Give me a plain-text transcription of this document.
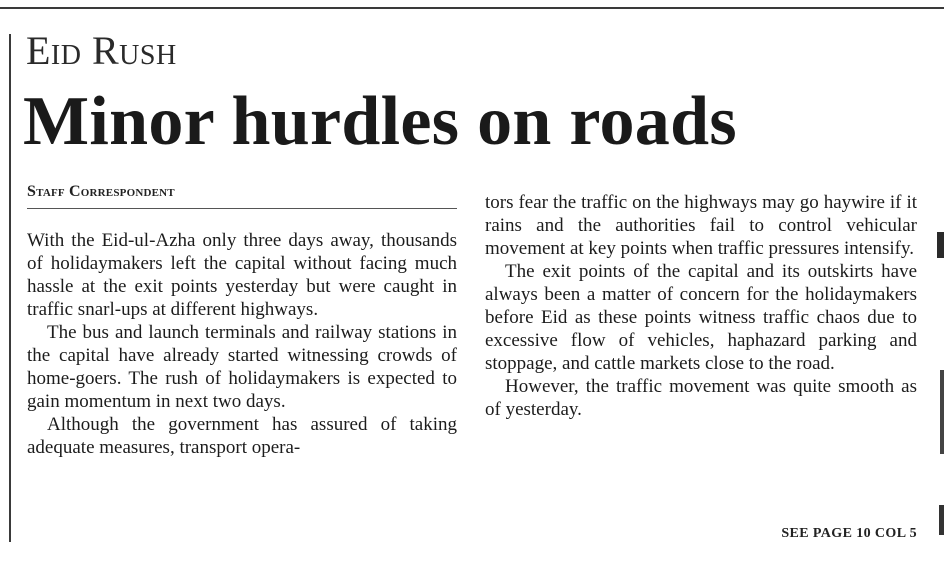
Eid Rush
Minor hurdles on roads
Staff Correspondent

With the Eid-ul-Azha only three days away, thousands of holidaymakers left the capital without facing much hassle at the exit points yesterday but were caught in traffic snarl-ups at different highways.

The bus and launch terminals and railway stations in the capital have already started witnessing crowds of home-goers. The rush of holidaymakers is expected to gain momentum in next two days.

Although the government has assured of taking adequate measures, transport opera-

tors fear the traffic on the highways may go haywire if it rains and the authorities fail to control vehicular movement at key points when traffic pressures intensify.

The exit points of the capital and its outskirts have always been a matter of concern for the holidaymakers before Eid as these points witness traffic chaos due to excessive flow of vehicles, haphazard parking and stoppage, and cattle markets close to the road.

However, the traffic movement was quite smooth as of yesterday.

SEE PAGE 10 COL 5
